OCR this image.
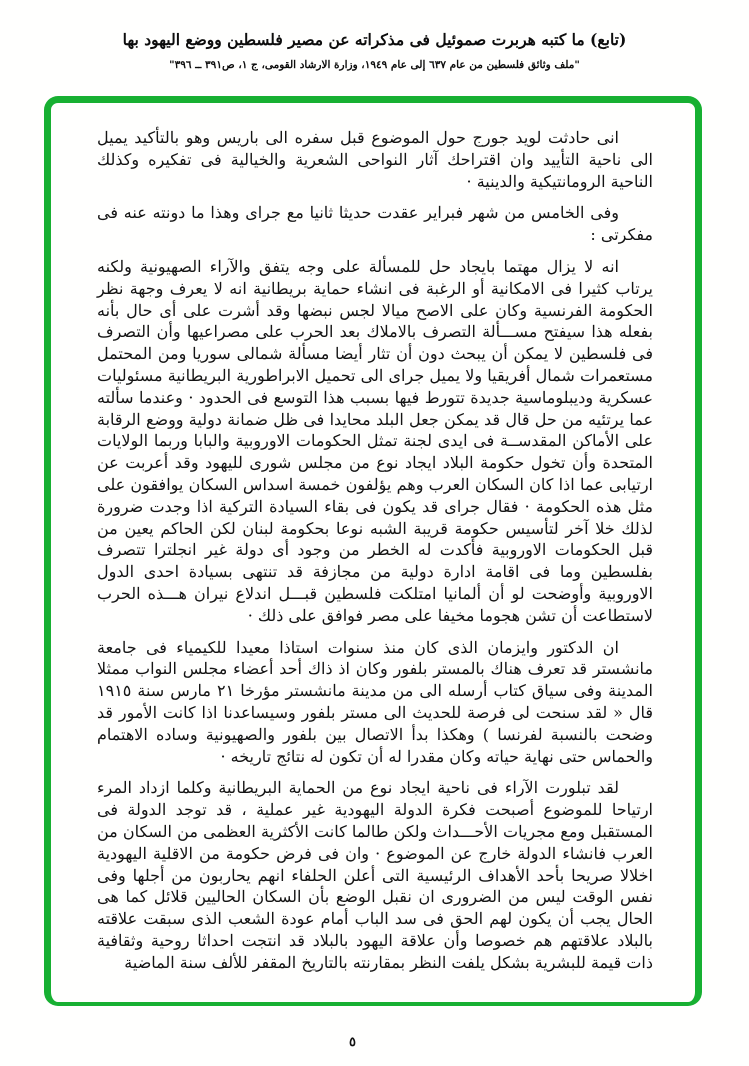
(تابع) ما كتبه هربرت صموئيل فى مذكراته عن مصير فلسطين ووضع اليهود بها
"ملف وثائق فلسطين من عام ٦٣٧ إلى عام ١٩٤٩، وزارة الارشاد القومى، ج ١، ص٣٩١ ــ ٣٩٦"

انى حادثت لويد جورج حول الموضوع قبل سفره الى باريس وهو بالتأكيد يميل الى ناحية التأييد وان اقتراحك آثار النواحى الشعرية والخيالية فى تفكيره وكذلك الناحية الرومانتيكية والدينية ·

وفى الخامس من شهر فبراير عقدت حديثا ثانيا مع جراى وهذا ما دونته عنه فى مفكرتى :

انه لا يزال مهتما بايجاد حل للمسألة على وجه يتفق والآراء الصهيونية ولكنه يرتاب كثيرا فى الامكانية أو الرغبة فى انشاء حماية بريطانية انه لا يعرف وجهة نظر الحكومة الفرنسية وكان على الاصح ميالا لجس نبضها وقد أشرت على أى حال بأنه بفعله هذا سيفتح مســـألة التصرف بالاملاك بعد الحرب على مصراعيها وأن التصرف فى فلسطين لا يمكن أن يبحث دون أن تثار أيضا مسألة شمالى سوريا ومن المحتمل مستعمرات شمال أفريقيا ولا يميل جراى الى تحميل الابراطورية البريطانية مسئوليات عسكرية وديبلوماسية جديدة تتورط فيها بسبب هذا التوسع فى الحدود · وعندما سألته عما يرتئيه من حل قال قد يمكن جعل البلد محايدا فى ظل ضمانة دولية ووضع الرقابة على الأماكن المقدســة فى ايدى لجنة تمثل الحكومات الاوروبية والبابا وربما الولايات المتحدة وأن تخول حكومة البلاد ايجاد نوع من مجلس شورى لليهود وقد أعربت عن ارتيابى عما اذا كان السكان العرب وهم يؤلفون خمسة اسداس السكان يوافقون على مثل هذه الحكومة · فقال جراى قد يكون فى بقاء السيادة التركية اذا وجدت ضرورة لذلك خلا آخر لتأسيس حكومة قريبة الشبه نوعا بحكومة لبنان لكن الحاكم يعين من قبل الحكومات الاوروبية فأكدت له الخطر من وجود أى دولة غير انجلترا تتصرف بفلسطين وما فى اقامة ادارة دولية من مجازفة قد تنتهى بسيادة احدى الدول الاوروبية وأوضحت لو أن ألمانيا امتلكت فلسطين قبـــل اندلاع نيران هـــذه الحرب لاستطاعت أن تشن هجوما مخيفا على مصر فوافق على ذلك ·

ان الدكتور وايزمان الذى كان منذ سنوات استاذا معيدا للكيمياء فى جامعة مانشستر قد تعرف هناك بالمستر بلفور وكان اذ ذاك أحد أعضاء مجلس النواب ممثلا المدينة وفى سياق كتاب أرسله الى من مدينة مانشستر مؤرخا ٢١ مارس سنة ١٩١٥ قال « لقد سنحت لى فرصة للحديث الى مستر بلفور وسيساعدنا اذا كانت الأمور قد وضحت بالنسبة لفرنسا ) وهكذا بدأ الاتصال بين بلفور والصهيونية وساده الاهتمام والحماس حتى نهاية حياته وكان مقدرا له أن تكون له نتائج تاريخه ·

لقد تبلورت الآراء فى ناحية ايجاد نوع من الحماية البريطانية وكلما ازداد المرء ارتياحا للموضوع أصبحت فكرة الدولة اليهودية غير عملية ، قد توجد الدولة فى المستقبل ومع مجريات الأحـــداث ولكن طالما كانت الأكثرية العظمى من السكان من العرب فانشاء الدولة خارج عن الموضوع · وان فى فرض حكومة من الاقلية اليهودية اخلالا صريحا بأحد الأهداف الرئيسية التى أعلن الحلفاء انهم يحاربون من أجلها وفى نفس الوقت ليس من الضرورى ان نقبل الوضع بأن السكان الحاليين قلائل كما هى الحال يجب أن يكون لهم الحق فى سد الباب أمام عودة الشعب الذى سبقت علاقته بالبلاد علاقتهم هم خصوصا وأن علاقة اليهود بالبلاد قد انتجت احداثا روحية وثقافية ذات قيمة للبشرية بشكل يلفت النظر بمقارنته بالتاريخ المقفر للألف سنة الماضية

٥
